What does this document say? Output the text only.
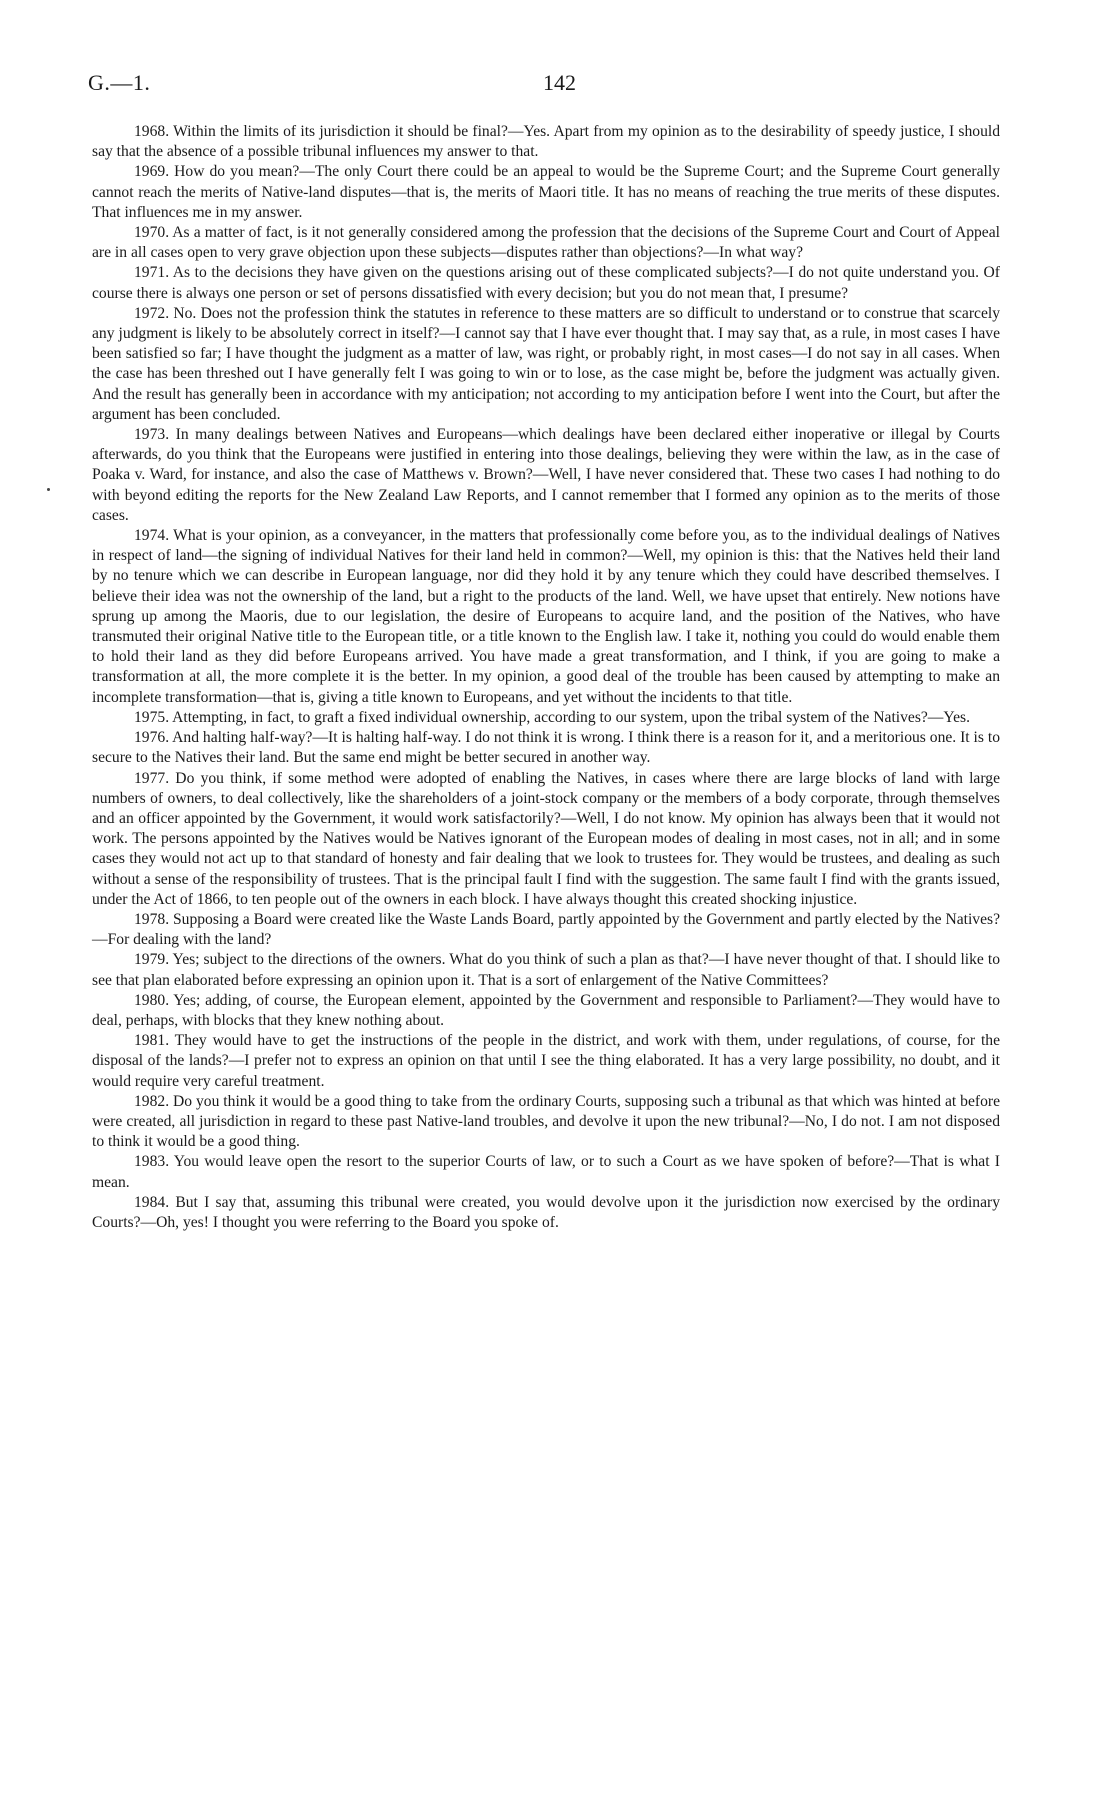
G.—1.	142

1968. Within the limits of its jurisdiction it should be final?—Yes. Apart from my opinion as to the desirability of speedy justice, I should say that the absence of a possible tribunal influences my answer to that.

1969. How do you mean?—The only Court there could be an appeal to would be the Supreme Court; and the Supreme Court generally cannot reach the merits of Native-land disputes—that is, the merits of Maori title. It has no means of reaching the true merits of these disputes. That influences me in my answer.

1970. As a matter of fact, is it not generally considered among the profession that the decisions of the Supreme Court and Court of Appeal are in all cases open to very grave objection upon these subjects—disputes rather than objections?—In what way?

1971. As to the decisions they have given on the questions arising out of these complicated subjects?—I do not quite understand you. Of course there is always one person or set of persons dissatisfied with every decision; but you do not mean that, I presume?

1972. No. Does not the profession think the statutes in reference to these matters are so difficult to understand or to construe that scarcely any judgment is likely to be absolutely correct in itself?—I cannot say that I have ever thought that. I may say that, as a rule, in most cases I have been satisfied so far; I have thought the judgment as a matter of law, was right, or probably right, in most cases—I do not say in all cases. When the case has been threshed out I have generally felt I was going to win or to lose, as the case might be, before the judgment was actually given. And the result has generally been in accordance with my anticipation; not according to my anticipation before I went into the Court, but after the argument has been concluded.

1973. In many dealings between Natives and Europeans—which dealings have been declared either inoperative or illegal by Courts afterwards, do you think that the Europeans were justified in entering into those dealings, believing they were within the law, as in the case of Poaka v. Ward, for instance, and also the case of Matthews v. Brown?—Well, I have never considered that. These two cases I had nothing to do with beyond editing the reports for the New Zealand Law Reports, and I cannot remember that I formed any opinion as to the merits of those cases.

1974. What is your opinion, as a conveyancer, in the matters that professionally come before you, as to the individual dealings of Natives in respect of land—the signing of individual Natives for their land held in common?—Well, my opinion is this: that the Natives held their land by no tenure which we can describe in European language, nor did they hold it by any tenure which they could have described themselves. I believe their idea was not the ownership of the land, but a right to the products of the land. Well, we have upset that entirely. New notions have sprung up among the Maoris, due to our legislation, the desire of Europeans to acquire land, and the position of the Natives, who have transmuted their original Native title to the European title, or a title known to the English law. I take it, nothing you could do would enable them to hold their land as they did before Europeans arrived. You have made a great transformation, and I think, if you are going to make a transformation at all, the more complete it is the better. In my opinion, a good deal of the trouble has been caused by attempting to make an incomplete transformation—that is, giving a title known to Europeans, and yet without the incidents to that title.

1975. Attempting, in fact, to graft a fixed individual ownership, according to our system, upon the tribal system of the Natives?—Yes.

1976. And halting half-way?—It is halting half-way. I do not think it is wrong. I think there is a reason for it, and a meritorious one. It is to secure to the Natives their land. But the same end might be better secured in another way.

1977. Do you think, if some method were adopted of enabling the Natives, in cases where there are large blocks of land with large numbers of owners, to deal collectively, like the shareholders of a joint-stock company or the members of a body corporate, through themselves and an officer appointed by the Government, it would work satisfactorily?—Well, I do not know. My opinion has always been that it would not work. The persons appointed by the Natives would be Natives ignorant of the European modes of dealing in most cases, not in all; and in some cases they would not act up to that standard of honesty and fair dealing that we look to trustees for. They would be trustees, and dealing as such without a sense of the responsibility of trustees. That is the principal fault I find with the suggestion. The same fault I find with the grants issued, under the Act of 1866, to ten people out of the owners in each block. I have always thought this created shocking injustice.

1978. Supposing a Board were created like the Waste Lands Board, partly appointed by the Government and partly elected by the Natives?—For dealing with the land?

1979. Yes; subject to the directions of the owners. What do you think of such a plan as that?—I have never thought of that. I should like to see that plan elaborated before expressing an opinion upon it. That is a sort of enlargement of the Native Committees?

1980. Yes; adding, of course, the European element, appointed by the Government and responsible to Parliament?—They would have to deal, perhaps, with blocks that they knew nothing about.

1981. They would have to get the instructions of the people in the district, and work with them, under regulations, of course, for the disposal of the lands?—I prefer not to express an opinion on that until I see the thing elaborated. It has a very large possibility, no doubt, and it would require very careful treatment.

1982. Do you think it would be a good thing to take from the ordinary Courts, supposing such a tribunal as that which was hinted at before were created, all jurisdiction in regard to these past Native-land troubles, and devolve it upon the new tribunal?—No, I do not. I am not disposed to think it would be a good thing.

1983. You would leave open the resort to the superior Courts of law, or to such a Court as we have spoken of before?—That is what I mean.

1984. But I say that, assuming this tribunal were created, you would devolve upon it the jurisdiction now exercised by the ordinary Courts?—Oh, yes! I thought you were referring to the Board you spoke of.
